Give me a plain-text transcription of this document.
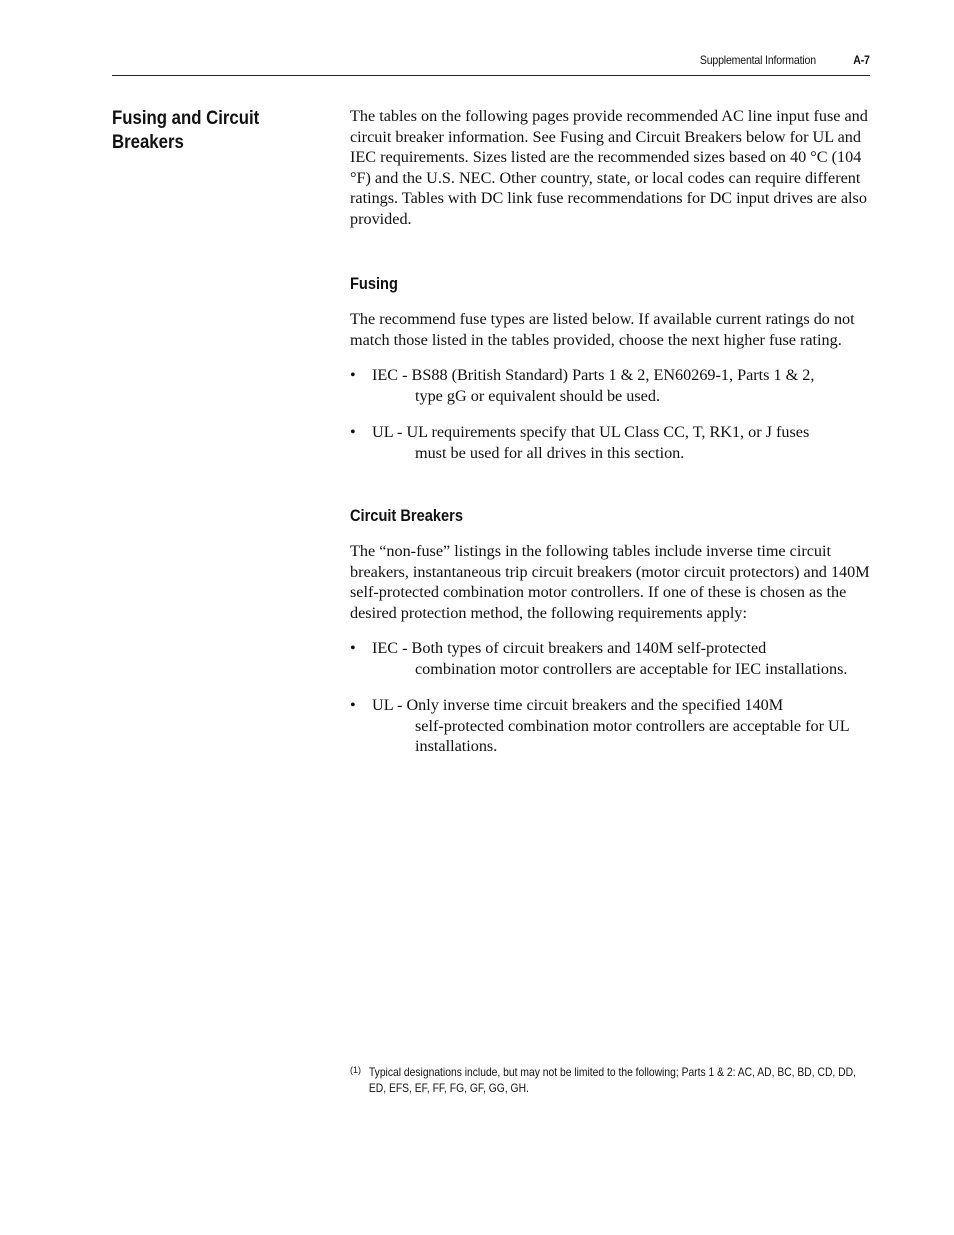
Supplemental Information	A-7
Fusing and Circuit
Breakers

The tables on the following pages provide recommended AC line input fuse and circuit breaker information. See Fusing and Circuit Breakers below for UL and IEC requirements. Sizes listed are the recommended sizes based on 40 °C (104 °F) and the U.S. NEC. Other country, state, or local codes can require different ratings. Tables with DC link fuse recommendations for DC input drives are also provided.

Fusing

The recommend fuse types are listed below. If available current ratings do not match those listed in the tables provided, choose the next higher fuse rating.

• IEC - BS88 (British Standard) Parts 1 & 2, EN60269-1, Parts 1 & 2,
type gG or equivalent should be used.
• UL - UL requirements specify that UL Class CC, T, RK1, or J fuses
must be used for all drives in this section.
Circuit Breakers

The “non-fuse” listings in the following tables include inverse time circuit breakers, instantaneous trip circuit breakers (motor circuit protectors) and 140M self-protected combination motor controllers. If one of these is chosen as the desired protection method, the following requirements apply:

• IEC - Both types of circuit breakers and 140M self-protected
combination motor controllers are acceptable for IEC installations.
• UL - Only inverse time circuit breakers and the specified 140M
self-protected combination motor controllers are acceptable for UL installations.
(1) Typical designations include, but may not be limited to the following; Parts 1 & 2: AC, AD, BC, BD, CD, DD, ED, EFS, EF, FF, FG, GF, GG, GH.
